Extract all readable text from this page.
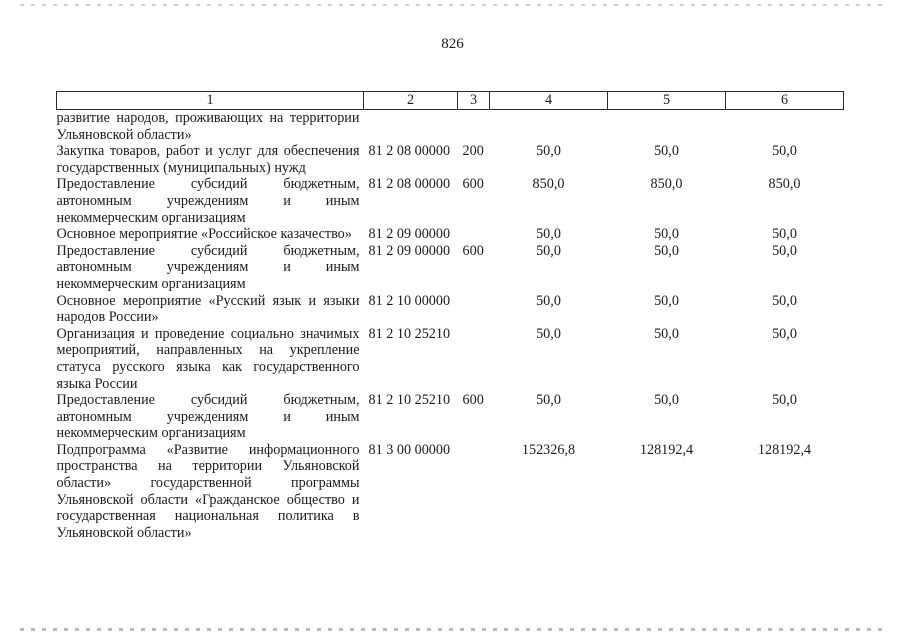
826
1	2	3	4	5	6
развитие народов, проживающих на территории Ульяновской области»					
Закупка товаров, работ и услуг для обеспечения государственных (муниципальных) нужд	81 2 08 00000	200	50,0	50,0	50,0
Предоставление субсидий бюджетным, автономным учреждениям и иным некоммерческим организациям	81 2 08 00000	600	850,0	850,0	850,0
Основное мероприятие «Российское казачество»	81 2 09 00000		50,0	50,0	50,0
Предоставление субсидий бюджетным, автономным учреждениям и иным некоммерческим организациям	81 2 09 00000	600	50,0	50,0	50,0
Основное мероприятие «Русский язык и языки народов России»	81 2 10 00000		50,0	50,0	50,0
Организация и проведение социально значимых мероприятий, направленных на укрепление статуса русского языка как государственного языка России	81 2 10 25210		50,0	50,0	50,0
Предоставление субсидий бюджетным, автономным учреждениям и иным некоммерческим организациям	81 2 10 25210	600	50,0	50,0	50,0
Подпрограмма «Развитие информационного пространства на территории Ульяновской области» государственной программы Ульяновской области «Гражданское общество и государственная национальная политика в Ульяновской области»	81 3 00 00000		152326,8	128192,4	128192,4
